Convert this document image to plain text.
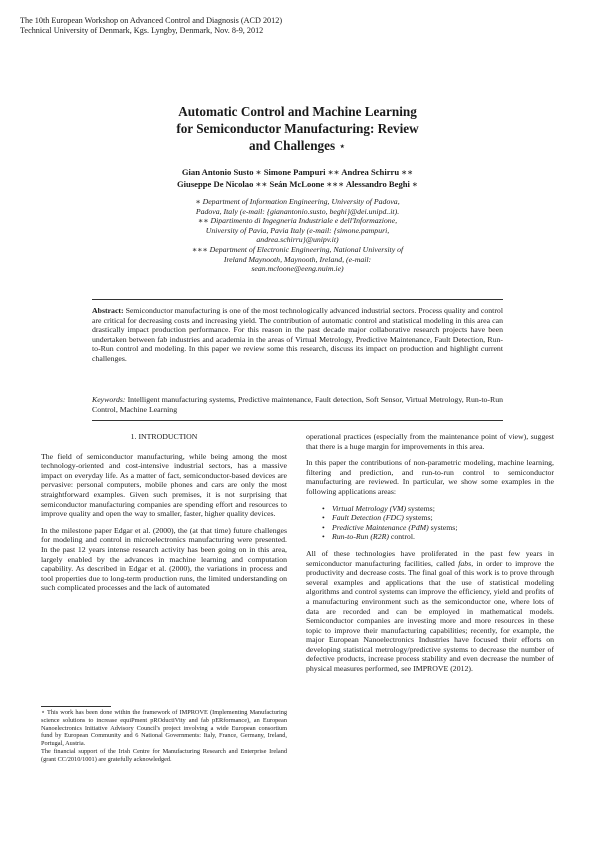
The 10th European Workshop on Advanced Control and Diagnosis (ACD 2012)
Technical University of Denmark, Kgs. Lyngby, Denmark, Nov. 8-9, 2012
Automatic Control and Machine Learning
for Semiconductor Manufacturing: Review
and Challenges ⋆
Gian Antonio Susto ∗ Simone Pampuri ∗∗ Andrea Schirru ∗∗
Giuseppe De Nicolao ∗∗ Seán McLoone ∗∗∗ Alessandro Beghi ∗
∗ Department of Information Engineering, University of Padova,
Padova, Italy (e-mail: {gianantonio.susto, beghi}@dei.unipd..it).
∗∗ Dipartimento di Ingegneria Industriale e dell'Informazione,
University of Pavia, Pavia Italy (e-mail: {simone.pampuri,
andrea.schirru}@unipv.it)
∗∗∗ Department of Electronic Engineering, National University of
Ireland Maynooth, Maynooth, Ireland, (e-mail:
sean.mcloone@eeng.nuim.ie)
Abstract: Semiconductor manufacturing is one of the most technologically advanced industrial sectors. Process quality and control are critical for decreasing costs and increasing yield. The contribution of automatic control and statistical modeling in this area can drastically impact production performance. For this reason in the past decade major collaborative research projects have been undertaken between fab industries and academia in the areas of Virtual Metrology, Predictive Maintenance, Fault Detection, Run-to-Run control and modeling. In this paper we review some this research, discuss its impact on production and highlight current challenges.
Keywords: Intelligent manufacturing systems, Predictive maintenance, Fault detection, Soft Sensor, Virtual Metrology, Run-to-Run Control, Machine Learning
1. INTRODUCTION
The field of semiconductor manufacturing, while being among the most technology-oriented and cost-intensive industrial sectors, has a massive impact on everyday life. As a matter of fact, semiconductor-based devices are pervasive: personal computers, mobile phones and cars are only the most straightforward examples. Given such premises, it is not surprising that semiconductor manufacturing companies are spending effort and resources to improve quality and open the way to smaller, faster, higher quality devices.
In the milestone paper Edgar et al. (2000), the (at that time) future challenges for modeling and control in microelectronics manufacturing were presented. In the past 12 years intense research activity has been going on in this area, largely enabled by the advances in machine learning and computation capability. As described in Edgar et al. (2000), the variations in process and tool properties due to long-term production runs, the limited understanding on such complicated processes and the lack of automated
operational practices (especially from the maintenance point of view), suggest that there is a huge margin for improvements in this area.
In this paper the contributions of non-parametric modeling, machine learning, filtering and prediction, and run-to-run control to semiconductor manufacturing are reviewed. In particular, we show some examples in the following applications areas:
• Virtual Metrology (VM) systems;
• Fault Detection (FDC) systems;
• Predictive Maintenance (PdM) systems;
• Run-to-Run (R2R) control.
All of these technologies have proliferated in the past few years in semiconductor manufacturing facilities, called fabs, in order to improve the productivity and decrease costs. The final goal of this work is to prove through several examples and applications that the use of statistical modeling algorithms and control systems can improve the efficiency, yield and profits of a manufacturing environment such as the semiconductor one, where lots of data are recorded and can be employed in mathematical models. Semiconductor companies are investing more and more resources in these topic to improve their manufacturing capabilities; recently, for example, the major European Nanoelectronics Industries have focused their efforts on developing statistical metrology/predictive systems to decrease the number of defective products, increase process stability and even decrease the number of physical measures performed, see IMPROVE (2012).
⋆ This work has been done within the framework of IMPROVE (Implementing Manufacturing science solutions to increase equiPment pROductiVity and fab pERformance), an European Nanoelectronics Initiative Advisory Council's project involving a wide European consortium fund by European Community and 6 National Governments: Italy, France, Germany, Ireland, Portugal, Austria.
The financial support of the Irish Centre for Manufacturing Research and Enterprise Ireland (grant CC/2010/1001) are gratefully acknowledged.
